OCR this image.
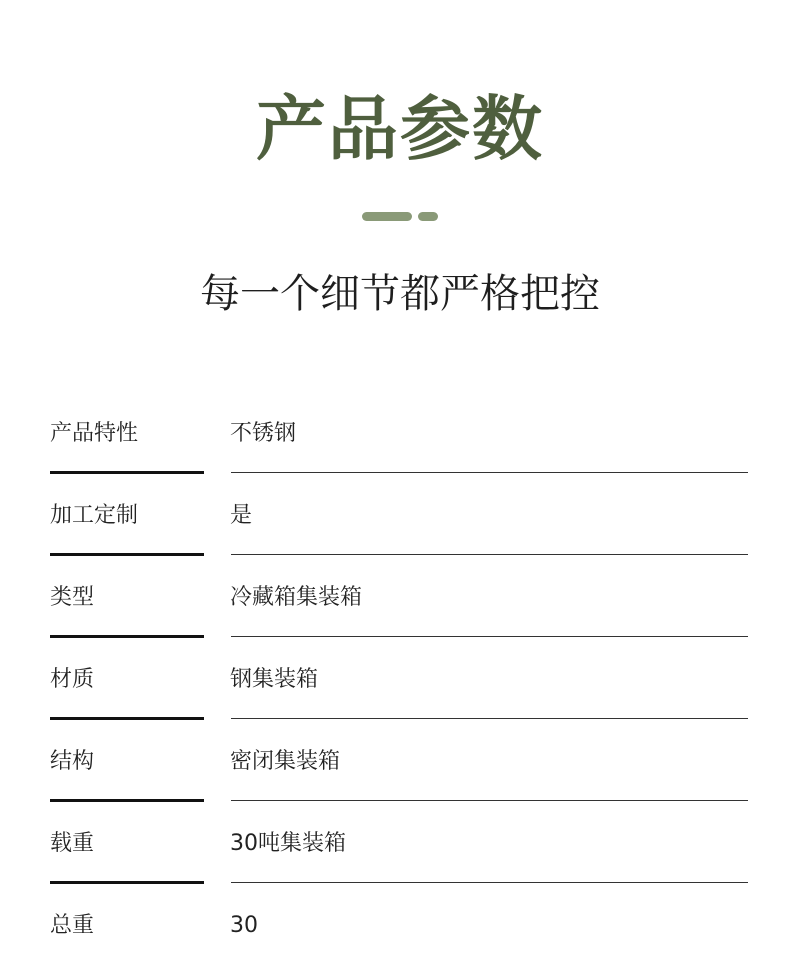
产品参数
每一个细节都严格把控
产品特性	不锈钢
加工定制	是
类型	冷藏箱集装箱
材质	钢集装箱
结构	密闭集装箱
载重	30吨集装箱
总重	30
